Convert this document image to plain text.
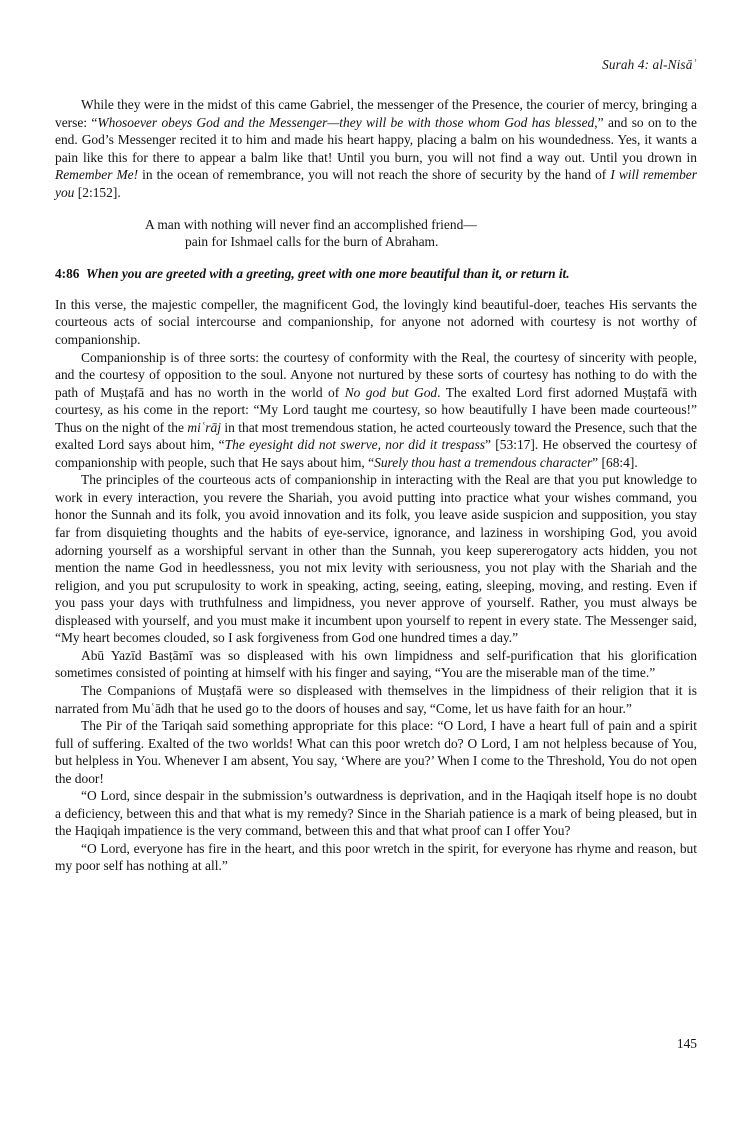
Surah 4: al-Nisāʾ

While they were in the midst of this came Gabriel, the messenger of the Presence, the courier of mercy, bringing a verse: “Whosoever obeys God and the Messenger—they will be with those whom God has blessed,” and so on to the end. God’s Messenger recited it to him and made his heart happy, placing a balm on his woundedness. Yes, it wants a pain like this for there to appear a balm like that! Until you burn, you will not find a way out. Until you drown in Remember Me! in the ocean of remembrance, you will not reach the shore of security by the hand of I will remember you [2:152].

A man with nothing will never find an accomplished friend—

pain for Ishmael calls for the burn of Abraham.

4:86 When you are greeted with a greeting, greet with one more beautiful than it, or return it.

In this verse, the majestic compeller, the magnificent God, the lovingly kind beautiful-doer, teaches His servants the courteous acts of social intercourse and companionship, for anyone not adorned with courtesy is not worthy of companionship.

Companionship is of three sorts: the courtesy of conformity with the Real, the courtesy of sincerity with people, and the courtesy of opposition to the soul. Anyone not nurtured by these sorts of courtesy has nothing to do with the path of Muṣṭafā and has no worth in the world of No god but God. The exalted Lord first adorned Muṣṭafā with courtesy, as his come in the report: “My Lord taught me courtesy, so how beautifully I have been made courteous!” Thus on the night of the miʿrāj in that most tremendous station, he acted courteously toward the Presence, such that the exalted Lord says about him, “The eyesight did not swerve, nor did it trespass” [53:17]. He observed the courtesy of companionship with people, such that He says about him, “Surely thou hast a tremendous character” [68:4].

The principles of the courteous acts of companionship in interacting with the Real are that you put knowledge to work in every interaction, you revere the Shariah, you avoid putting into practice what your wishes command, you honor the Sunnah and its folk, you avoid innovation and its folk, you leave aside suspicion and supposition, you stay far from disquieting thoughts and the habits of eye-service, ignorance, and laziness in worshiping God, you avoid adorning yourself as a worshipful servant in other than the Sunnah, you keep supererogatory acts hidden, you not mention the name God in heedlessness, you not mix levity with seriousness, you not play with the Shariah and the religion, and you put scrupulosity to work in speaking, acting, seeing, eating, sleeping, moving, and resting. Even if you pass your days with truthfulness and limpidness, you never approve of yourself. Rather, you must always be displeased with yourself, and you must make it incumbent upon yourself to repent in every state. The Messenger said, “My heart becomes clouded, so I ask forgiveness from God one hundred times a day.”

Abū Yazīd Basṭāmī was so displeased with his own limpidness and self-purification that his glorification sometimes consisted of pointing at himself with his finger and saying, “You are the miserable man of the time.”

The Companions of Muṣṭafā were so displeased with themselves in the limpidness of their religion that it is narrated from Muʿādh that he used go to the doors of houses and say, “Come, let us have faith for an hour.”

The Pir of the Tariqah said something appropriate for this place: “O Lord, I have a heart full of pain and a spirit full of suffering. Exalted of the two worlds! What can this poor wretch do? O Lord, I am not helpless because of You, but helpless in You. Whenever I am absent, You say, ‘Where are you?’ When I come to the Threshold, You do not open the door!

“O Lord, since despair in the submission’s outwardness is deprivation, and in the Haqiqah itself hope is no doubt a deficiency, between this and that what is my remedy? Since in the Shariah patience is a mark of being pleased, but in the Haqiqah impatience is the very command, between this and that what proof can I offer You?

“O Lord, everyone has fire in the heart, and this poor wretch in the spirit, for everyone has rhyme and reason, but my poor self has nothing at all.”

145
